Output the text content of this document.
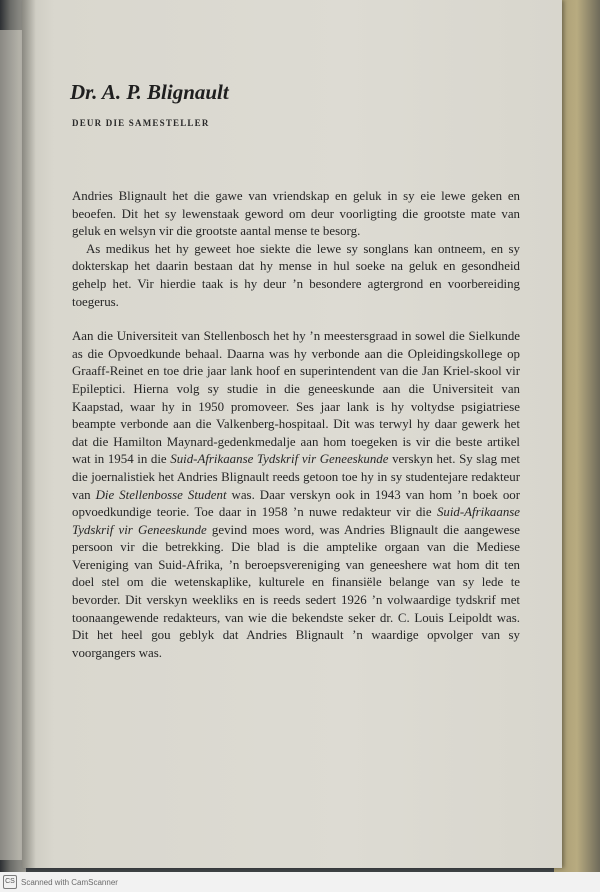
Dr. A. P. Blignault
DEUR DIE SAMESTELLER

Andries Blignault het die gawe van vriendskap en geluk in sy eie lewe geken en beoefen. Dit het sy lewenstaak geword om deur voorligting die grootste mate van geluk en welsyn vir die grootste aantal mense te besorg.

As medikus het hy geweet hoe siekte die lewe sy songlans kan ontneem, en sy dokterskap het daarin bestaan dat hy mense in hul soeke na geluk en gesondheid gehelp het. Vir hierdie taak is hy deur ’n besondere agtergrond en voorbereiding toegerus.

Aan die Universiteit van Stellenbosch het hy ’n meestersgraad in sowel die Sielkunde as die Opvoedkunde behaal. Daarna was hy verbonde aan die Opleidingskollege op Graaff-Reinet en toe drie jaar lank hoof en superintendent van die Jan Kriel-skool vir Epileptici. Hierna volg sy studie in die geneeskunde aan die Universiteit van Kaapstad, waar hy in 1950 promoveer. Ses jaar lank is hy voltydse psigiatriese beampte verbonde aan die Valkenberg-hospitaal. Dit was terwyl hy daar gewerk het dat die Hamilton Maynard-gedenkmedalje aan hom toegeken is vir die beste artikel wat in 1954 in die Suid-Afrikaanse Tydskrif vir Geneeskunde verskyn het. Sy slag met die joernalistiek het Andries Blignault reeds getoon toe hy in sy studentejare redakteur van Die Stellenbosse Student was. Daar verskyn ook in 1943 van hom ’n boek oor opvoedkundige teorie. Toe daar in 1958 ’n nuwe redakteur vir die Suid-Afrikaanse Tydskrif vir Geneeskunde gevind moes word, was Andries Blignault die aangewese persoon vir die betrekking. Die blad is die amptelike orgaan van die Mediese Vereniging van Suid-Afrika, ’n beroepsvereniging van geneeshere wat hom dit ten doel stel om die wetenskaplike, kulturele en finansiële belange van sy lede te bevorder. Dit verskyn weekliks en is reeds sedert 1926 ’n volwaardige tydskrif met toonaangewende redakteurs, van wie die bekendste seker dr. C. Louis Leipoldt was. Dit het heel gou geblyk dat Andries Blignault ’n waardige opvolger van sy voorgangers was.

CS Scanned with CamScanner
